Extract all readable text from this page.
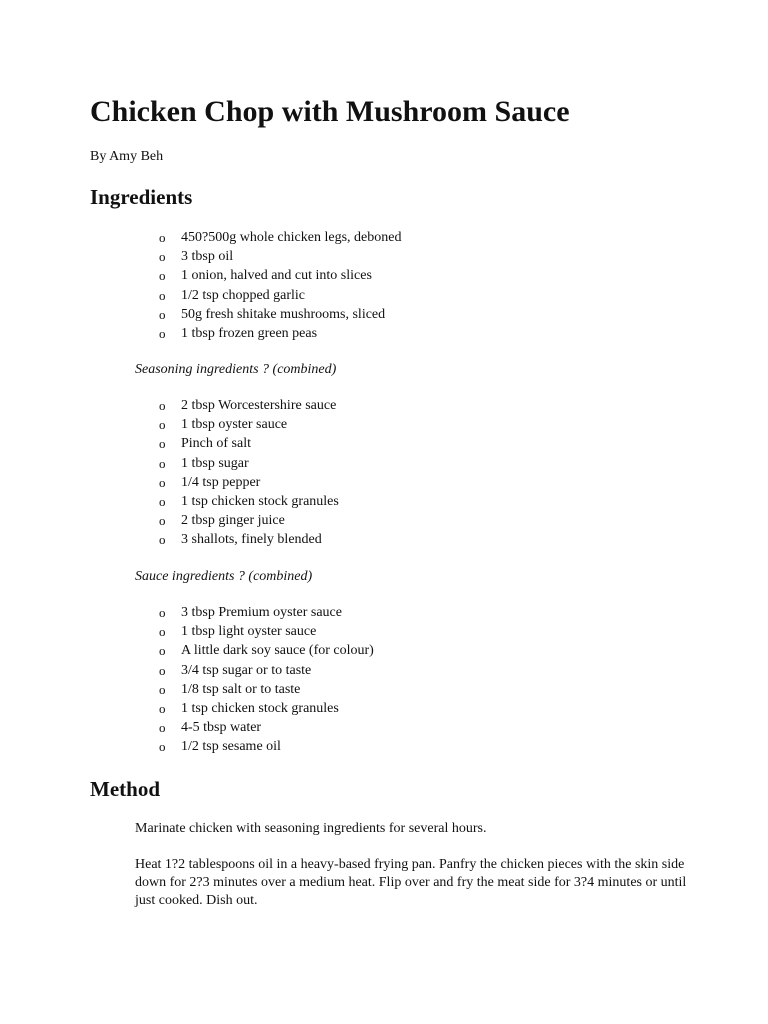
Chicken Chop with Mushroom Sauce

By Amy Beh

Ingredients
o 450?500g whole chicken legs, deboned
o 3 tbsp oil
o 1 onion, halved and cut into slices
o 1/2 tsp chopped garlic
o 50g fresh shitake mushrooms, sliced
o 1 tbsp frozen green peas

Seasoning ingredients ? (combined)

o 2 tbsp Worcestershire sauce
o 1 tbsp oyster sauce
o Pinch of salt
o 1 tbsp sugar
o 1/4 tsp pepper
o 1 tsp chicken stock granules
o 2 tbsp ginger juice
o 3 shallots, finely blended

Sauce ingredients ? (combined)

o 3 tbsp Premium oyster sauce
o 1 tbsp light oyster sauce
o A little dark soy sauce (for colour)
o 3/4 tsp sugar or to taste
o 1/8 tsp salt or to taste
o 1 tsp chicken stock granules
o 4-5 tbsp water
o 1/2 tsp sesame oil
Method

Marinate chicken with seasoning ingredients for several hours.

Heat 1?2 tablespoons oil in a heavy-based frying pan. Panfry the chicken pieces with the skin side down for 2?3 minutes over a medium heat. Flip over and fry the meat side for 3?4 minutes or until just cooked. Dish out.
